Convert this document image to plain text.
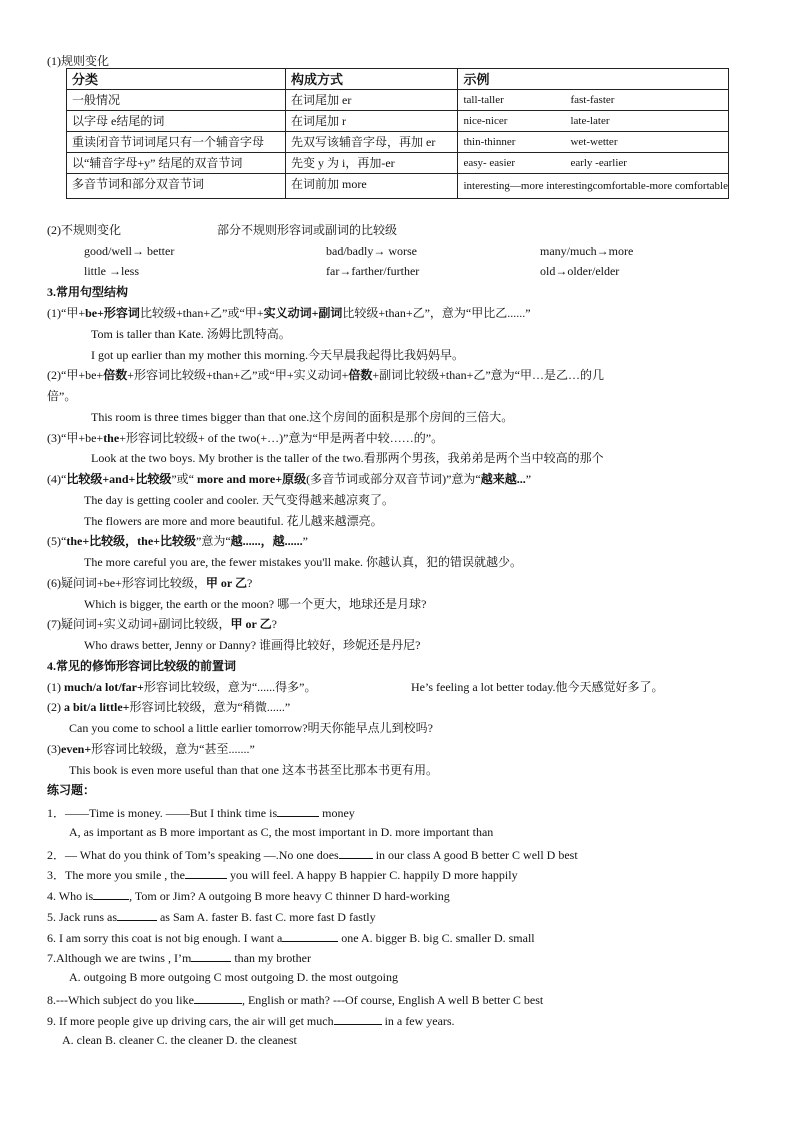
(1)规则变化
分类	构成方式	示例
一般情况	在词尾加 er	tall-taller fast-faster
以字母 e结尾的词	在词尾加 r	nice-nicer late-later
重读闭音节词词尾只有一个辅音字母	先双写该辅音字母，再加 er	thin-thinner wet-wetter
以“辅音字母+y” 结尾的双音节词	先变 y 为 i，再加-er	easy- easier early -earlier
多音节词和部分双音节词	在词前加 more	interesting—more interestingcomfortable-more comfortable
(2)不规则变化	部分不规则形容词或副词的比较级
good/well→ better	bad/badly→ worse	many/much→more
little →less	far→farther/further	old→older/elder
3.常用句型结构
(1)“甲+be+形容词比较级+than+乙”或“甲+实义动词+副词比较级+than+乙”，意为“甲比乙......”
Tom is taller than Kate. 汤姆比凯特高。
I got up earlier than my mother this morning.今天早晨我起得比我妈妈早。
(2)“甲+be+倍数+形容词比较级+than+乙”或“甲+实义动词+倍数+副词比较级+than+乙”意为“甲…是乙…的几
倍”。
This room is three times bigger than that one.这个房间的面积是那个房间的三倍大。
(3)“甲+be+the+形容词比较级+ of the two(+…)”意为“甲是两者中较……的”。
Look at the two boys. My brother is the taller of the two.看那两个男孩，我弟弟是两个当中较高的那个
(4)“比较级+and+比较级”或“ more and more+原级(多音节词或部分双音节词)”意为“越来越...”
The day is getting cooler and cooler. 天气变得越来越凉爽了。
The flowers are more and more beautiful. 花儿越来越漂亮。
(5)“the+比较级，the+比较级”意为“越......，越......”
The more careful you are, the fewer mistakes you'll make. 你越认真，犯的错误就越少。
(6)疑问词+be+形容词比较级，甲 or 乙?
Which is bigger, the earth or the moon? 哪一个更大，地球还是月球?
(7)疑问词+实义动词+副词比较级，甲 or 乙?
Who draws better, Jenny or Danny? 谁画得比较好，珍妮还是丹尼?
4.常见的修饰形容词比较级的前置词
(1) much/a lot/far+形容词比较级，意为“......得多”。	He’s feeling a lot better today.他今天感觉好多了。
(2) a bit/a little+形容词比较级，意为“稍微......”
Can you come to school a little earlier tomorrow?明天你能早点儿到校吗?
(3)even+形容词比较级，意为“甚至.......”
This book is even more useful than that one 这本书甚至比那本书更有用。
练习题：
1．——Time is money. ——But I think time is	money
A, as important as B more important as C, the most important in D. more important than
2．— What do you think of Tom’s speaking —.No one does	in our class A good B better C well D best
3．The more you smile , the	you will feel. A happy B happier C. happily D more happily
4. Who is	, Tom or Jim? A outgoing B more heavy C thinner D hard-working
5. Jack runs as	as Sam A. faster B. fast C. more fast D fastly
6. I am sorry this coat is not big enough. I want a	one A. bigger B. big C. smaller D. small
7.Although we are twins , I’m	than my brother
A. outgoing B more outgoing C most outgoing D. the most outgoing
8.---Which subject do you like	, English or math? ---Of course, English A well B better C best
9. If more people give up driving cars, the air will get much	in a few years.
A. clean B. cleaner C. the cleaner D. the cleanest
